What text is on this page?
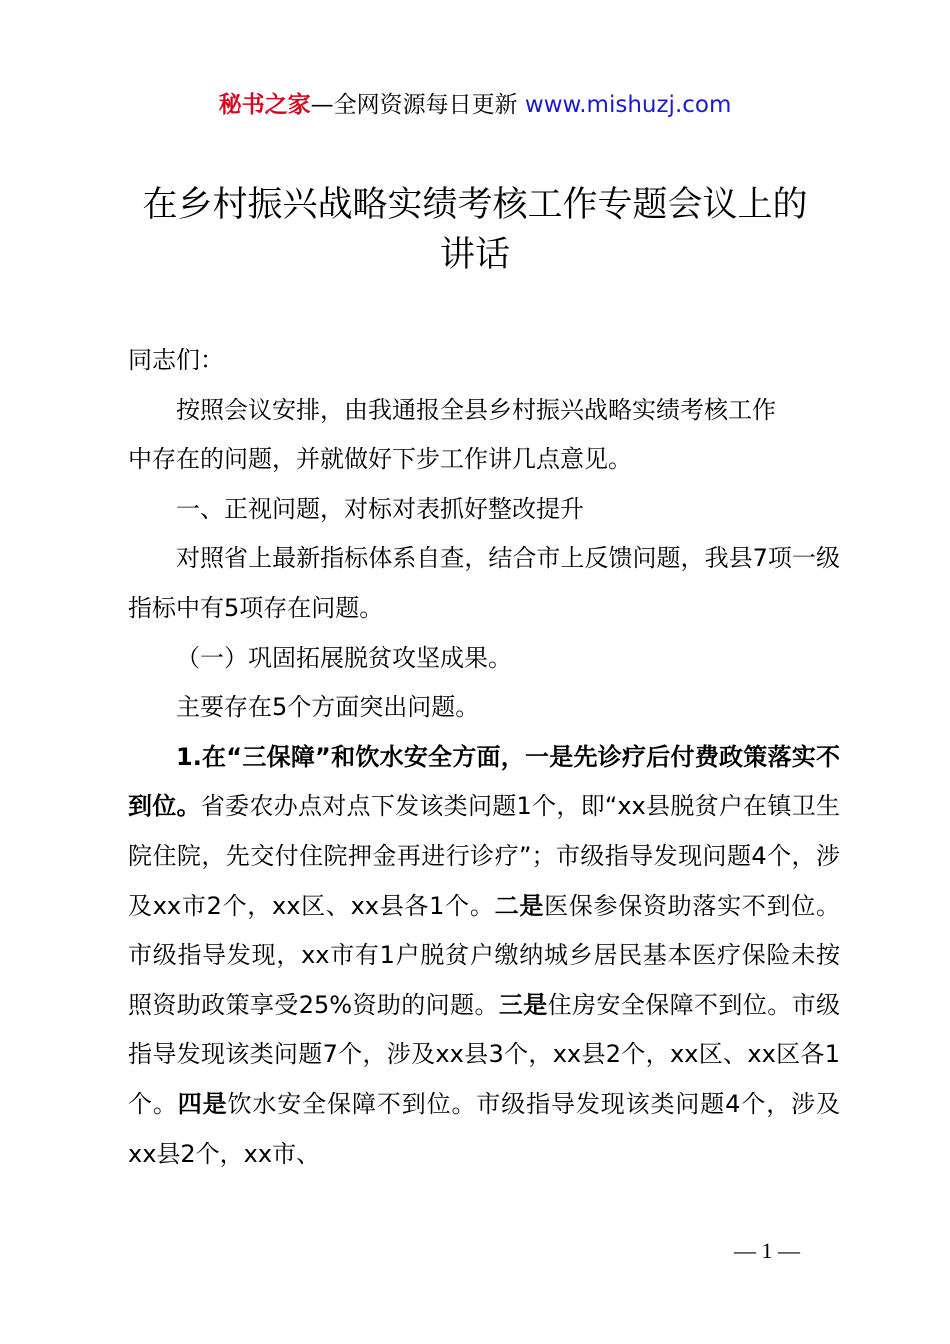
秘书之家—全网资源每日更新 www.mishuzj.com
在乡村振兴战略实绩考核工作专题会议上的
讲话

同志们：

按照会议安排，由我通报全县乡村振兴战略实绩考核工作

中存在的问题，并就做好下步工作讲几点意见。

一、正视问题，对标对表抓好整改提升

对照省上最新指标体系自查，结合市上反馈问题，我县7项一级指标中有5项存在问题。

（一）巩固拓展脱贫攻坚成果。

主要存在5个方面突出问题。

1.在“三保障”和饮水安全方面，一是先诊疗后付费政策落实不到位。省委农办点对点下发该类问题1个，即“xx县脱贫户在镇卫生院住院，先交付住院押金再进行诊疗”；市级指导发现问题4个，涉及xx市2个，xx区、xx县各1个。二是医保参保资助落实不到位。市级指导发现，xx市有1户脱贫户缴纳城乡居民基本医疗保险未按照资助政策享受25%资助的问题。三是住房安全保障不到位。市级指导发现该类问题7个，涉及xx县3个，xx县2个，xx区、xx区各1个。四是饮水安全保障不到位。市级指导发现该类问题4个，涉及xx县2个，xx市、

— 1 —
